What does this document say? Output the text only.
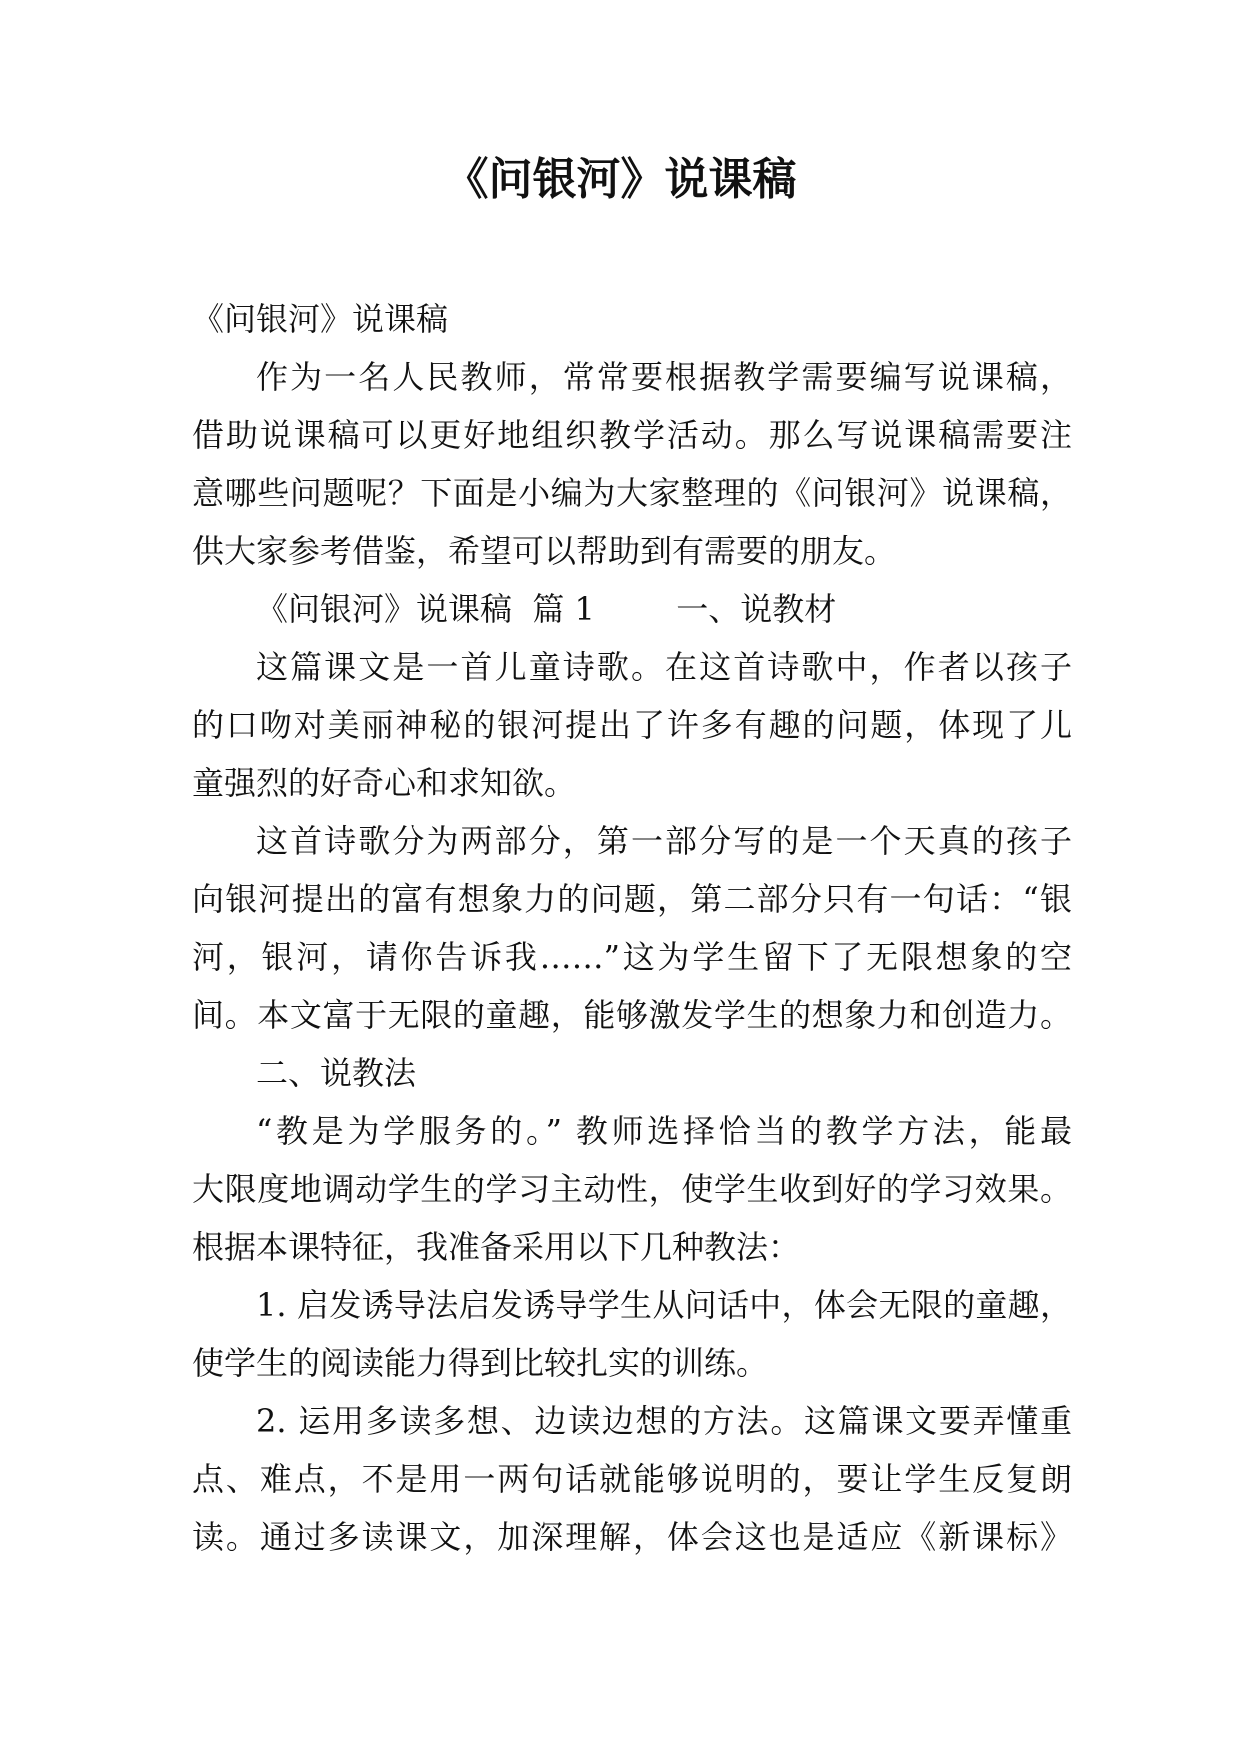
《问银河》说课稿
《问银河》说课稿
作为一名人民教师，常常要根据教学需要编写说课稿，
借助说课稿可以更好地组织教学活动。那么写说课稿需要注
意哪些问题呢？下面是小编为大家整理的《问银河》说课稿，
供大家参考借鉴，希望可以帮助到有需要的朋友。
《问银河》说课稿  篇 1        一、说教材
这篇课文是一首儿童诗歌。在这首诗歌中，作者以孩子
的口吻对美丽神秘的银河提出了许多有趣的问题，体现了儿
童强烈的好奇心和求知欲。
这首诗歌分为两部分，第一部分写的是一个天真的孩子
向银河提出的富有想象力的问题，第二部分只有一句话：“银
河，银河，请你告诉我……”这为学生留下了无限想象的空
间。本文富于无限的童趣，能够激发学生的想象力和创造力。
二、说教法
“教是为学服务的。” 教师选择恰当的教学方法，能最
大限度地调动学生的学习主动性，使学生收到好的学习效果。
根据本课特征，我准备采用以下几种教法：
1. 启发诱导法启发诱导学生从问话中，体会无限的童趣，
使学生的阅读能力得到比较扎实的训练。
2. 运用多读多想、边读边想的方法。这篇课文要弄懂重
点、难点，不是用一两句话就能够说明的，要让学生反复朗
读。通过多读课文，加深理解，体会这也是适应《新课标》
